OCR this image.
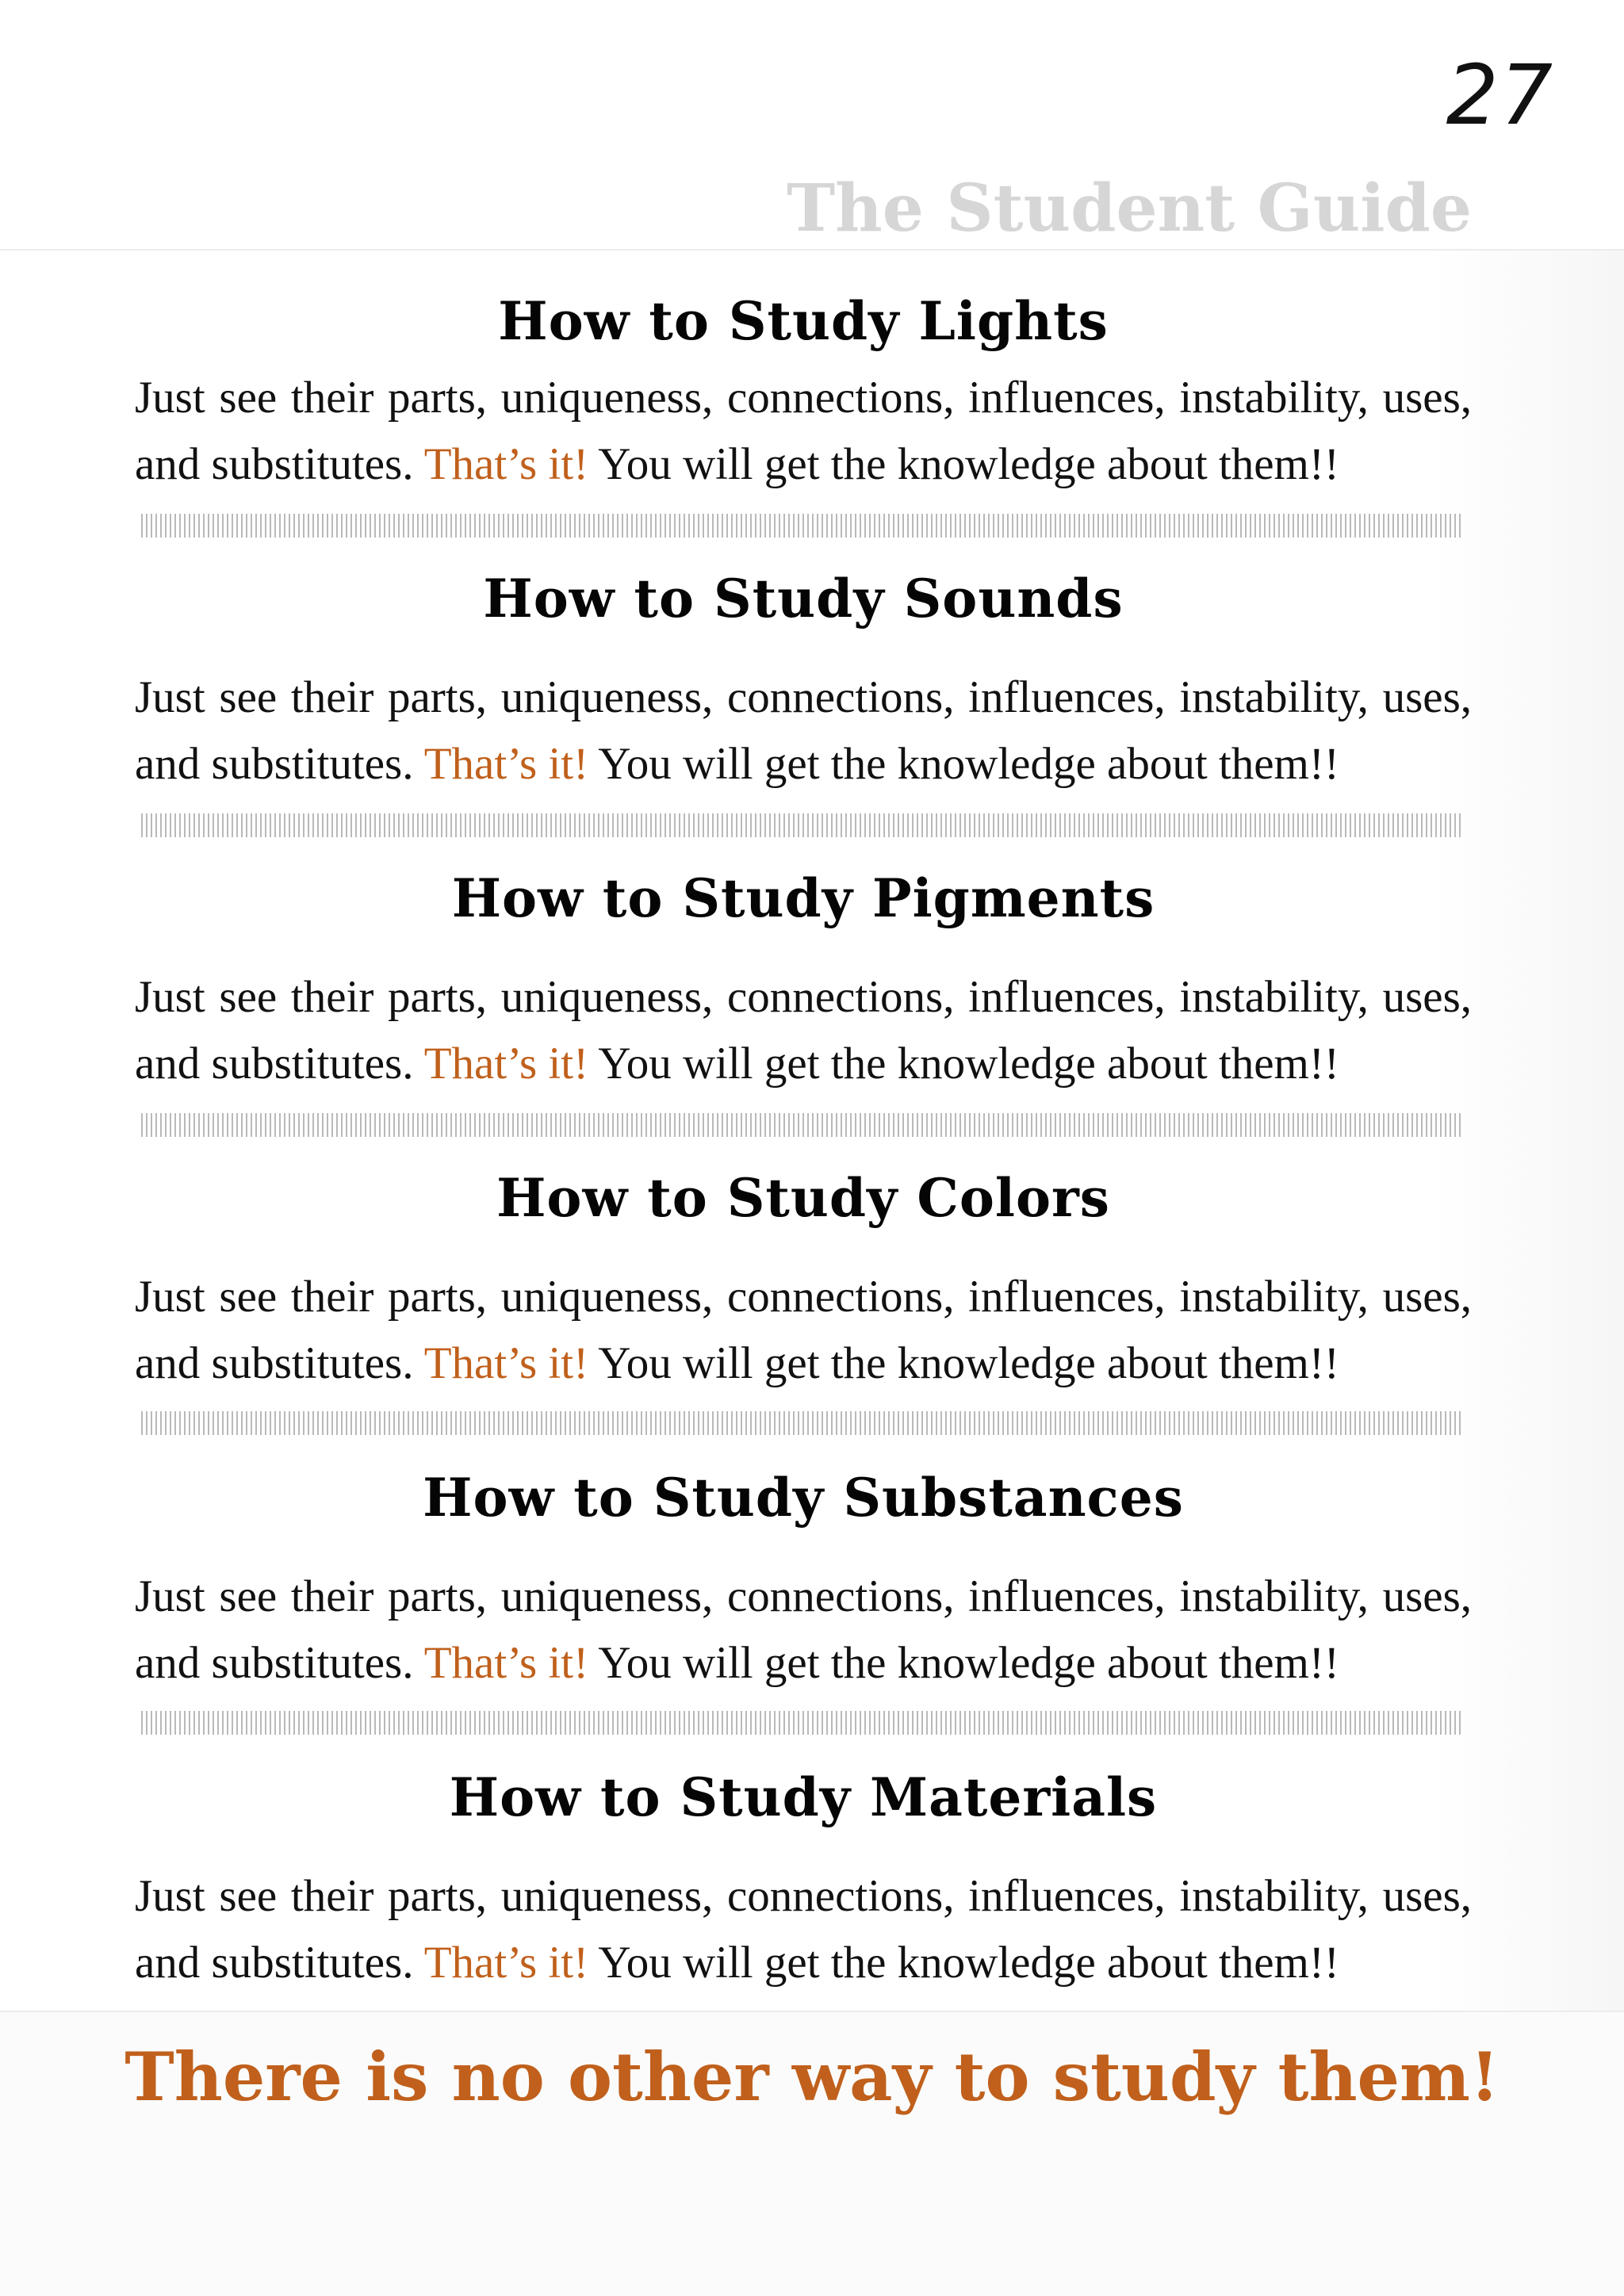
27
The Student Guide
How to Study Lights

Just see their parts, uniqueness, connections, influences, instability, uses, and substitutes. That’s it! You will get the knowledge about them!!

How to Study Sounds

Just see their parts, uniqueness, connections, influences, instability, uses, and substitutes. That’s it! You will get the knowledge about them!!

How to Study Pigments

Just see their parts, uniqueness, connections, influences, instability, uses, and substitutes. That’s it! You will get the knowledge about them!!

How to Study Colors

Just see their parts, uniqueness, connections, influences, instability, uses, and substitutes. That’s it! You will get the knowledge about them!!

How to Study Substances

Just see their parts, uniqueness, connections, influences, instability, uses, and substitutes. That’s it! You will get the knowledge about them!!

How to Study Materials

Just see their parts, uniqueness, connections, influences, instability, uses, and substitutes. That’s it! You will get the knowledge about them!!

There is no other way to study them!
